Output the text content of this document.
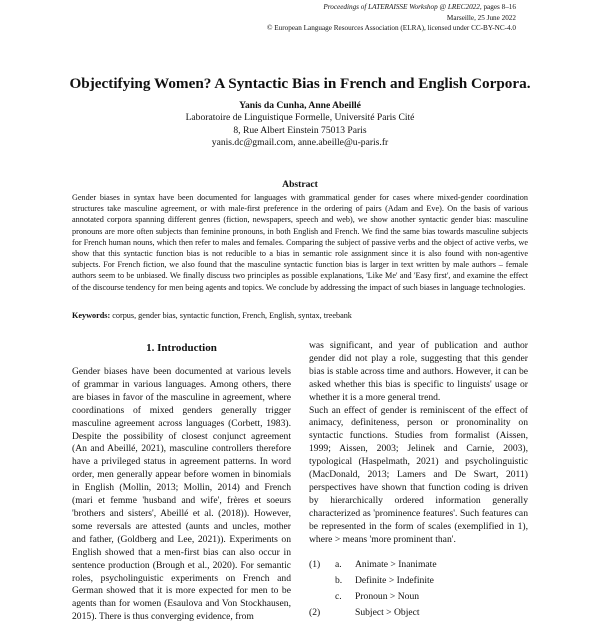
Proceedings of LATERAISSE Workshop @ LREC2022, pages 8–16
Marseille, 25 June 2022
© European Language Resources Association (ELRA), licensed under CC-BY-NC-4.0
Objectifying Women? A Syntactic Bias in French and English Corpora.
Yanis da Cunha, Anne Abeillé
Laboratoire de Linguistique Formelle, Université Paris Cité
8, Rue Albert Einstein 75013 Paris
yanis.dc@gmail.com, anne.abeille@u-paris.fr
Abstract
Gender biases in syntax have been documented for languages with grammatical gender for cases where mixed-gender coordination structures take masculine agreement, or with male-first preference in the ordering of pairs (Adam and Eve). On the basis of various annotated corpora spanning different genres (fiction, newspapers, speech and web), we show another syntactic gender bias: masculine pronouns are more often subjects than feminine pronouns, in both English and French. We find the same bias towards masculine subjects for French human nouns, which then refer to males and females. Comparing the subject of passive verbs and the object of active verbs, we show that this syntactic function bias is not reducible to a bias in semantic role assignment since it is also found with non-agentive subjects. For French fiction, we also found that the masculine syntactic function bias is larger in text written by male authors – female authors seem to be unbiased. We finally discuss two principles as possible explanations, 'Like Me' and 'Easy first', and examine the effect of the discourse tendency for men being agents and topics. We conclude by addressing the impact of such biases in language technologies.
Keywords: corpus, gender bias, syntactic function, French, English, syntax, treebank
1. Introduction

Gender biases have been documented at various levels of grammar in various languages. Among others, there are biases in favor of the masculine in agreement, where coordinations of mixed genders generally trigger masculine agreement across languages (Corbett, 1983). Despite the possibility of closest conjunct agreement (An and Abeillé, 2021), masculine controllers therefore have a privileged status in agreement patterns. In word order, men generally appear before women in binomials in English (Mollin, 2013; Mollin, 2014) and French (mari et femme 'husband and wife', frères et soeurs 'brothers and sisters', Abeillé et al. (2018)). However, some reversals are attested (aunts and uncles, mother and father, (Goldberg and Lee, 2021)). Experiments on English showed that a men-first bias can also occur in sentence production (Brough et al., 2020). For semantic roles, psycholinguistic experiments on French and German showed that it is more expected for men to be agents than for women (Esaulova and Von Stockhausen, 2015). There is thus converging evidence, from

was significant, and year of publication and author gender did not play a role, suggesting that this gender bias is stable across time and authors. However, it can be asked whether this bias is specific to linguists' usage or whether it is a more general trend.

Such an effect of gender is reminiscent of the effect of animacy, definiteness, person or pronominality on syntactic functions. Studies from formalist (Aissen, 1999; Aissen, 2003; Jelinek and Carnie, 2003), typological (Haspelmath, 2021) and psycholinguistic (MacDonald, 2013; Lamers and De Swart, 2011) perspectives have shown that function coding is driven by hierarchically ordered information generally characterized as 'prominence features'. Such features can be represented in the form of scales (exemplified in 1), where > means 'more prominent than'.

(1)	a.	Animate > Inanimate
b.	Definite > Indefinite
c.	Pronoun > Noun
(2)	Subject > Object
